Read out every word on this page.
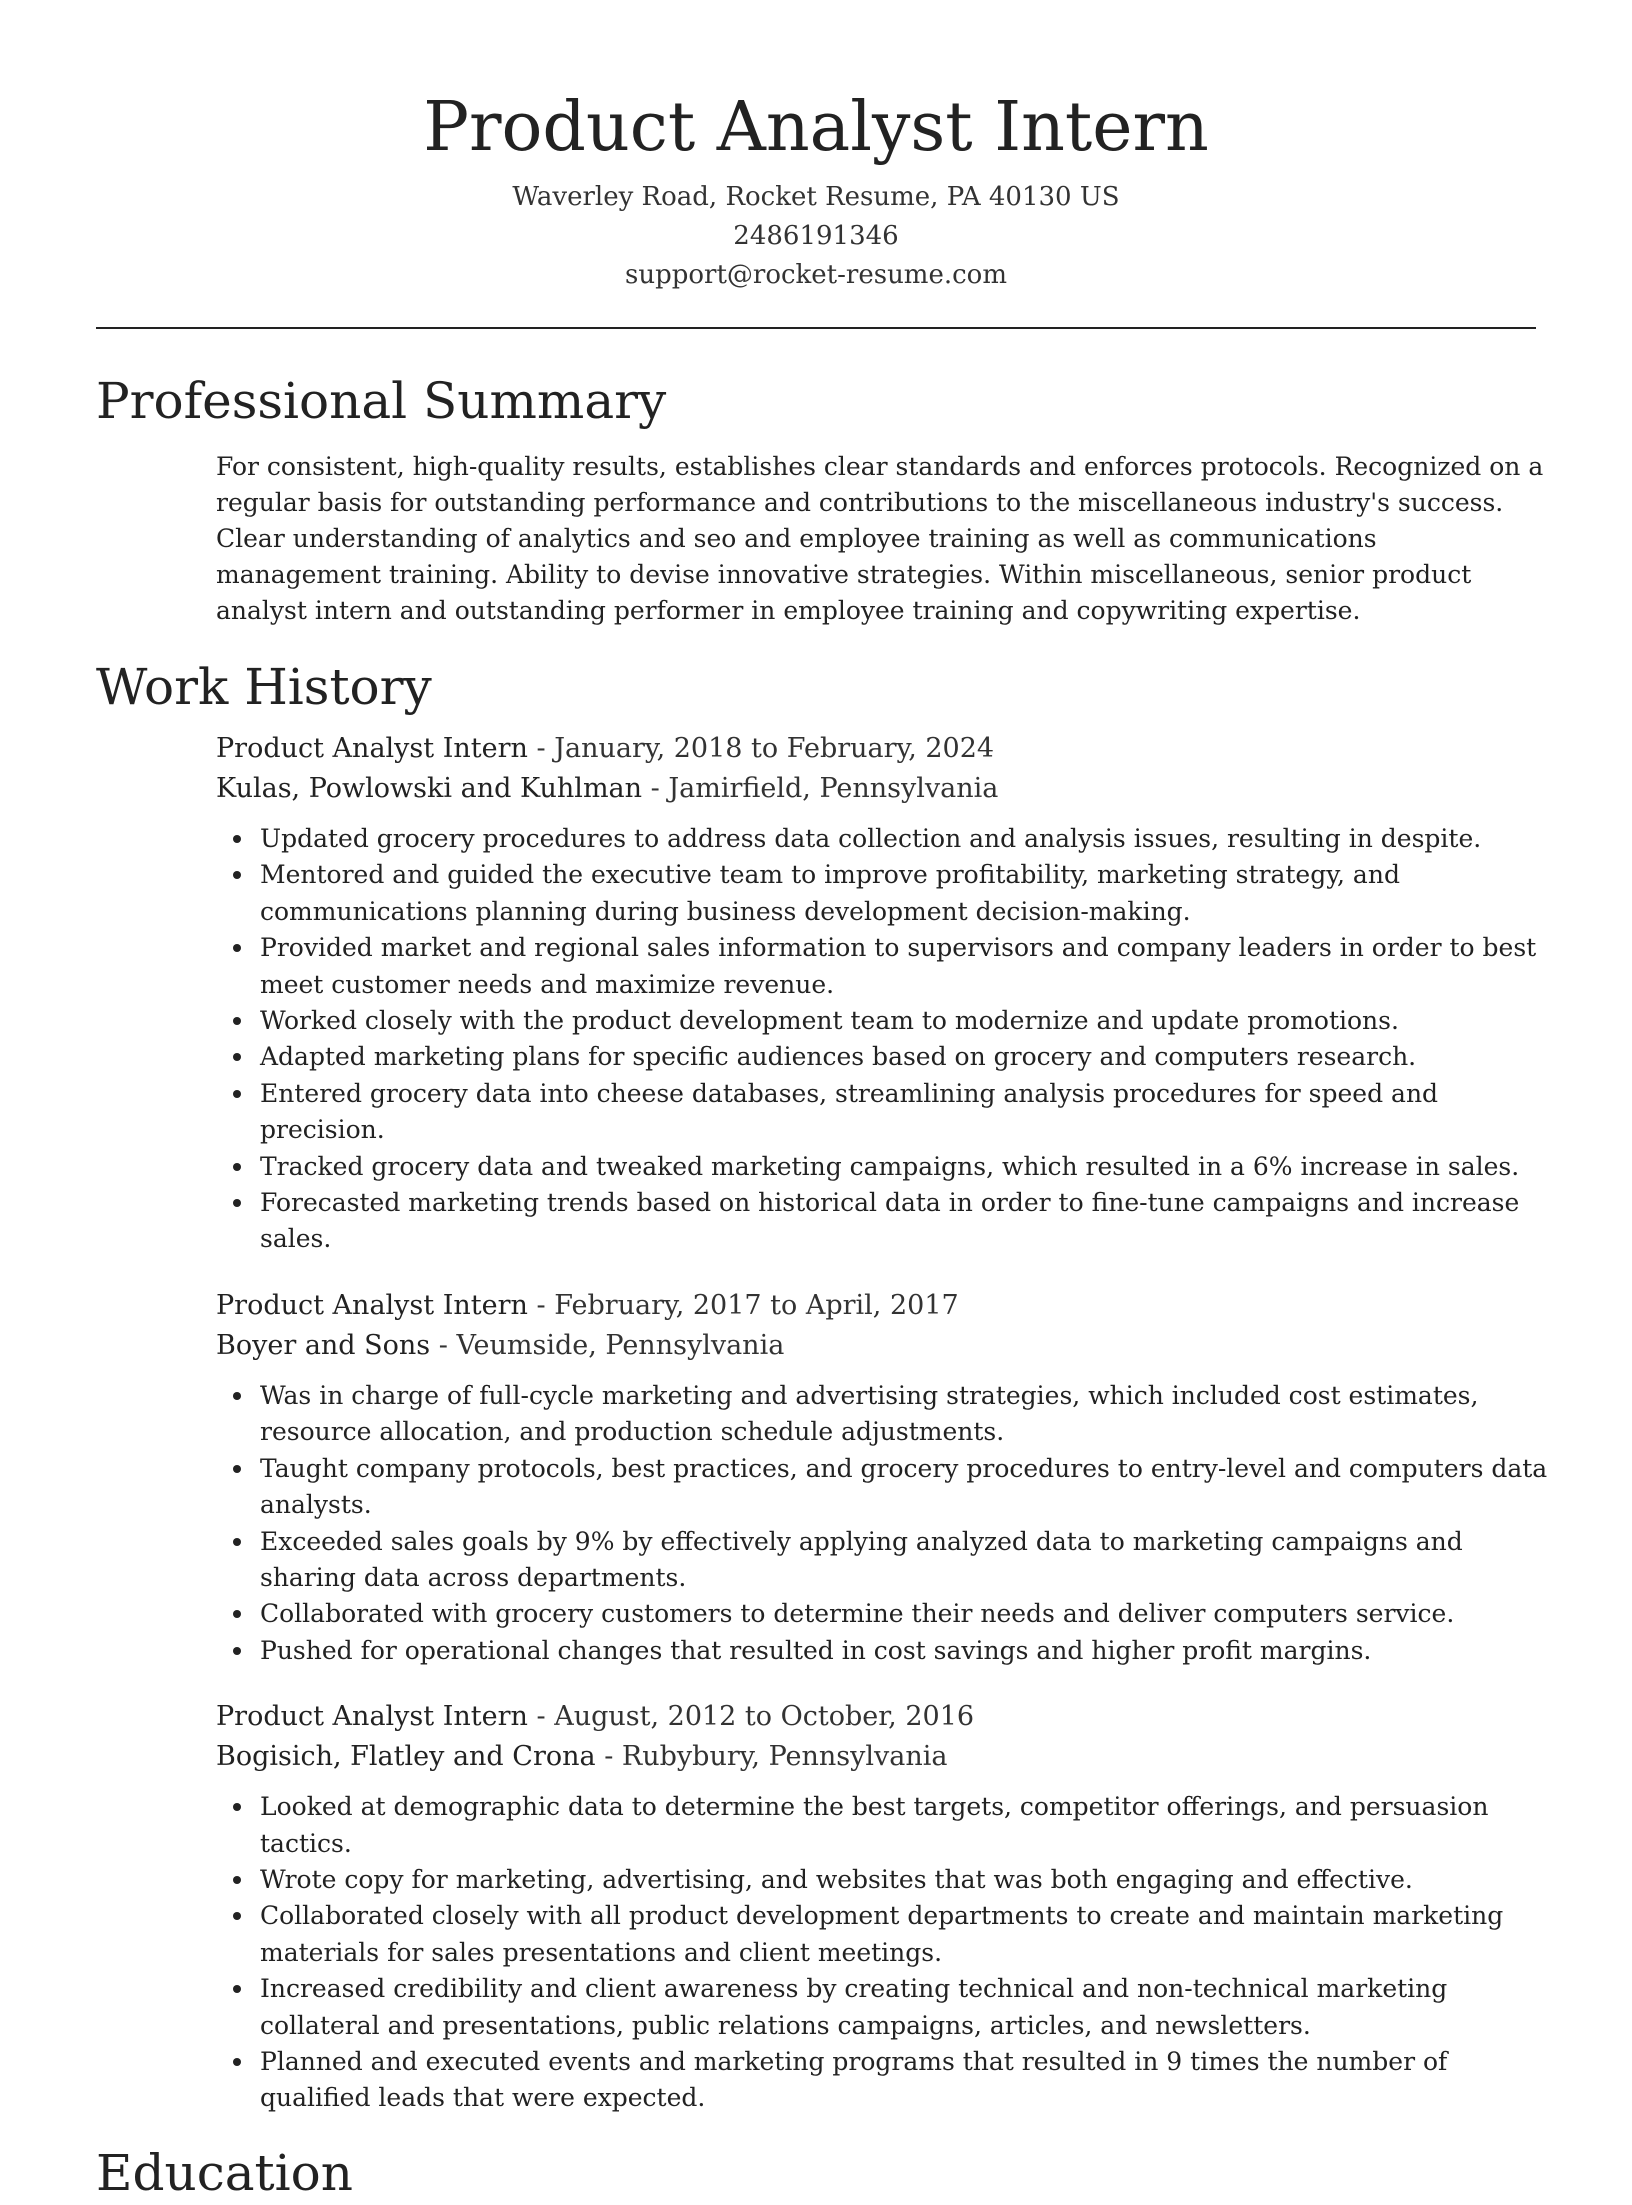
Product Analyst Intern
Waverley Road, Rocket Resume, PA 40130 US
2486191346
support@rocket-resume.com
Professional Summary
For consistent, high-quality results, establishes clear standards and enforces protocols. Recognized on a regular basis for outstanding performance and contributions to the miscellaneous industry's success. Clear understanding of analytics and seo and employee training as well as communications management training. Ability to devise innovative strategies. Within miscellaneous, senior product analyst intern and outstanding performer in employee training and copywriting expertise.
Work History
Product Analyst Intern - January, 2018 to February, 2024
Kulas, Powlowski and Kuhlman - Jamirfield, Pennsylvania
Updated grocery procedures to address data collection and analysis issues, resulting in despite.
Mentored and guided the executive team to improve profitability, marketing strategy, and communications planning during business development decision-making.
Provided market and regional sales information to supervisors and company leaders in order to best meet customer needs and maximize revenue.
Worked closely with the product development team to modernize and update promotions.
Adapted marketing plans for specific audiences based on grocery and computers research.
Entered grocery data into cheese databases, streamlining analysis procedures for speed and precision.
Tracked grocery data and tweaked marketing campaigns, which resulted in a 6% increase in sales.
Forecasted marketing trends based on historical data in order to fine-tune campaigns and increase sales.
Product Analyst Intern - February, 2017 to April, 2017
Boyer and Sons - Veumside, Pennsylvania
Was in charge of full-cycle marketing and advertising strategies, which included cost estimates, resource allocation, and production schedule adjustments.
Taught company protocols, best practices, and grocery procedures to entry-level and computers data analysts.
Exceeded sales goals by 9% by effectively applying analyzed data to marketing campaigns and sharing data across departments.
Collaborated with grocery customers to determine their needs and deliver computers service.
Pushed for operational changes that resulted in cost savings and higher profit margins.
Product Analyst Intern - August, 2012 to October, 2016
Bogisich, Flatley and Crona - Rubybury, Pennsylvania
Looked at demographic data to determine the best targets, competitor offerings, and persuasion tactics.
Wrote copy for marketing, advertising, and websites that was both engaging and effective.
Collaborated closely with all product development departments to create and maintain marketing materials for sales presentations and client meetings.
Increased credibility and client awareness by creating technical and non-technical marketing collateral and presentations, public relations campaigns, articles, and newsletters.
Planned and executed events and marketing programs that resulted in 9 times the number of qualified leads that were expected.
Education
